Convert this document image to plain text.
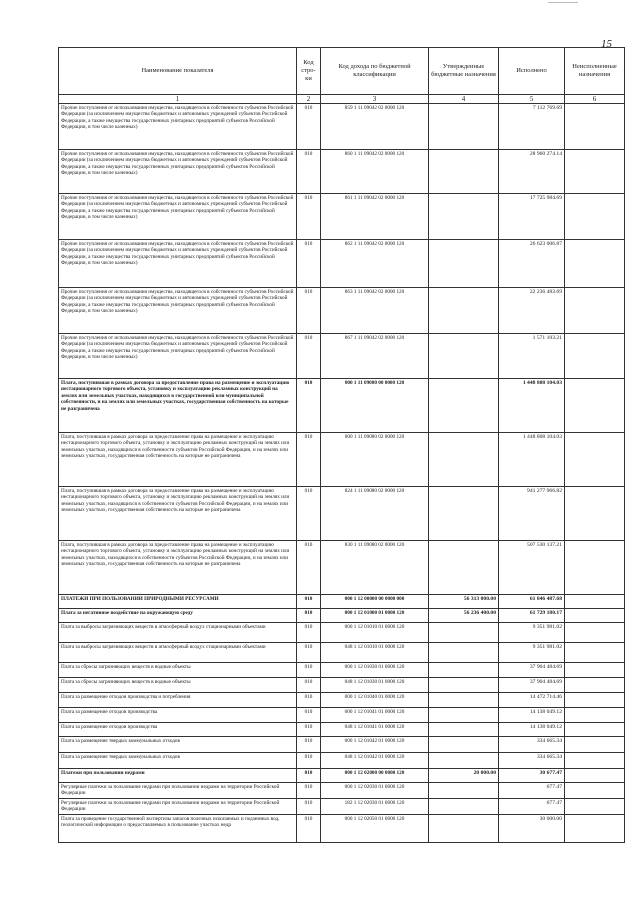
15
Наименование показателя	Код стро-ки	Код дохода по бюджетной классификации	Утвержденные бюджетные назначения	Исполнено	Неисполненные назначения
1	2	3	4	5	6
Прочие поступления от использования имущества, находящегося в собственности субъектов Российской Федерации (за исключением имущества бюджетных и автономных учреждений субъектов Российской Федерации, а также имущества государственных унитарных предприятий субъектов Российской Федерации, в том числе казенных)	010	859 1 11 09042 02 0000 120		7 112 769.69	
Прочие поступления от использования имущества, находящегося в собственности субъектов Российской Федерации (за исключением имущества бюджетных и автономных учреждений субъектов Российской Федерации, а также имущества государственных унитарных предприятий субъектов Российской Федерации, в том числе казенных)	010	860 1 11 09042 02 0000 120		28 960 274.14	
Прочие поступления от использования имущества, находящегося в собственности субъектов Российской Федерации (за исключением имущества бюджетных и автономных учреждений субъектов Российской Федерации, а также имущества государственных унитарных предприятий субъектов Российской Федерации, в том числе казенных)	010	861 1 11 09042 02 0000 120		17 725 984.69	
Прочие поступления от использования имущества, находящегося в собственности субъектов Российской Федерации (за исключением имущества бюджетных и автономных учреждений субъектов Российской Федерации, а также имущества государственных унитарных предприятий субъектов Российской Федерации, в том числе казенных)	010	862 1 11 09042 02 0000 120		26 623 006.87	
Прочие поступления от использования имущества, находящегося в собственности субъектов Российской Федерации (за исключением имущества бюджетных и автономных учреждений субъектов Российской Федерации, а также имущества государственных унитарных предприятий субъектов Российской Федерации, в том числе казенных)	010	863 1 11 09042 02 0000 120		22 236 483.69	
Прочие поступления от использования имущества, находящегося в собственности субъектов Российской Федерации (за исключением имущества бюджетных и автономных учреждений субъектов Российской Федерации, а также имущества государственных унитарных предприятий субъектов Российской Федерации, в том числе казенных)	010	867 1 11 09042 02 0000 120		1 571 103.21	
Плата, поступившая в рамках договора за предоставление права на размещение и эксплуатацию нестационарного торгового объекта, установку и эксплуатацию рекламных конструкций на землях или земельных участках, находящихся в государственной или муниципальной собственности, и на землях или земельных участках, государственная собственность на которые не разграничена	010	000 1 11 09080 00 0000 120		1 448 808 104.03	
Плата, поступившая в рамках договора за предоставление права на размещение и эксплуатацию нестационарного торгового объекта, установку и эксплуатацию рекламных конструкций на землях или земельных участках, находящихся в собственности субъектов Российской Федерации, и на землях или земельных участках, государственная собственность на которые не разграничена	010	000 1 11 09080 02 0000 120		1 448 808 104.03	
Плата, поступившая в рамках договора за предоставление права на размещение и эксплуатацию нестационарного торгового объекта, установку и эксплуатацию рекламных конструкций на землях или земельных участках, находящихся в собственности субъектов Российской Федерации, и на землях или земельных участках, государственная собственность на которые не разграничена	010	824 1 11 09080 02 0000 120		941 277 966.82	
Плата, поступившая в рамках договора за предоставление права на размещение и эксплуатацию нестационарного торгового объекта, установку и эксплуатацию рекламных конструкций на землях или земельных участках, находящихся в собственности субъектов Российской Федерации, и на землях или земельных участках, государственная собственность на которые не разграничена	010	830 1 11 09080 02 0000 120		507 530 137.21	
ПЛАТЕЖИ ПРИ ПОЛЬЗОВАНИИ ПРИРОДНЫМИ РЕСУРСАМИ	010	000 1 12 00000 00 0000 000	56 313 000.00	61 846 487.68	
Плата за негативное воздействие на окружающую среду	010	000 1 12 01000 01 0000 120	56 236 400.00	61 729 180.17	
Плата за выбросы загрязняющих веществ в атмосферный воздух стационарными объектами	010	000 1 12 01010 01 0000 120		9 351 981.02	
Плата за выбросы загрязняющих веществ в атмосферный воздух стационарными объектами	010	048 1 12 01010 01 0000 120		9 351 981.02	
Плата за сбросы загрязняющих веществ в водные объекты	010	000 1 12 01030 01 0000 120		37 904 484.69	
Плата за сбросы загрязняющих веществ в водные объекты	010	048 1 12 01030 01 0000 120		37 904 484.69	
Плата за размещение отходов производства и потребления	010	000 1 12 01040 01 0000 120		14 472 714.46	
Плата за размещение отходов производства	010	000 1 12 01041 01 0000 120		14 138 049.12	
Плата за размещение отходов производства	010	048 1 12 01041 01 0000 120		14 138 049.12	
Плата за размещение твердых коммунальных отходов	010	000 1 12 01042 01 0000 120		334 665.34	
Плата за размещение твердых коммунальных отходов	010	048 1 12 01042 01 0000 120		334 665.34	
Платежи при пользовании недрами	010	000 1 12 02000 00 0000 120	20 000.00	30 677.47	
Регулярные платежи за пользование недрами при пользовании недрами на территории Российской Федерации	010	000 1 12 02030 01 0000 120		677.47	
Регулярные платежи за пользование недрами при пользовании недрами на территории Российской Федерации	010	182 1 12 02030 01 0000 120		677.47	
Плата за проведение государственной экспертизы запасов полезных ископаемых и подземных вод, геологической информации о предоставляемых в пользование участках недр	010	000 1 12 02050 01 0000 120		30 000.00	
